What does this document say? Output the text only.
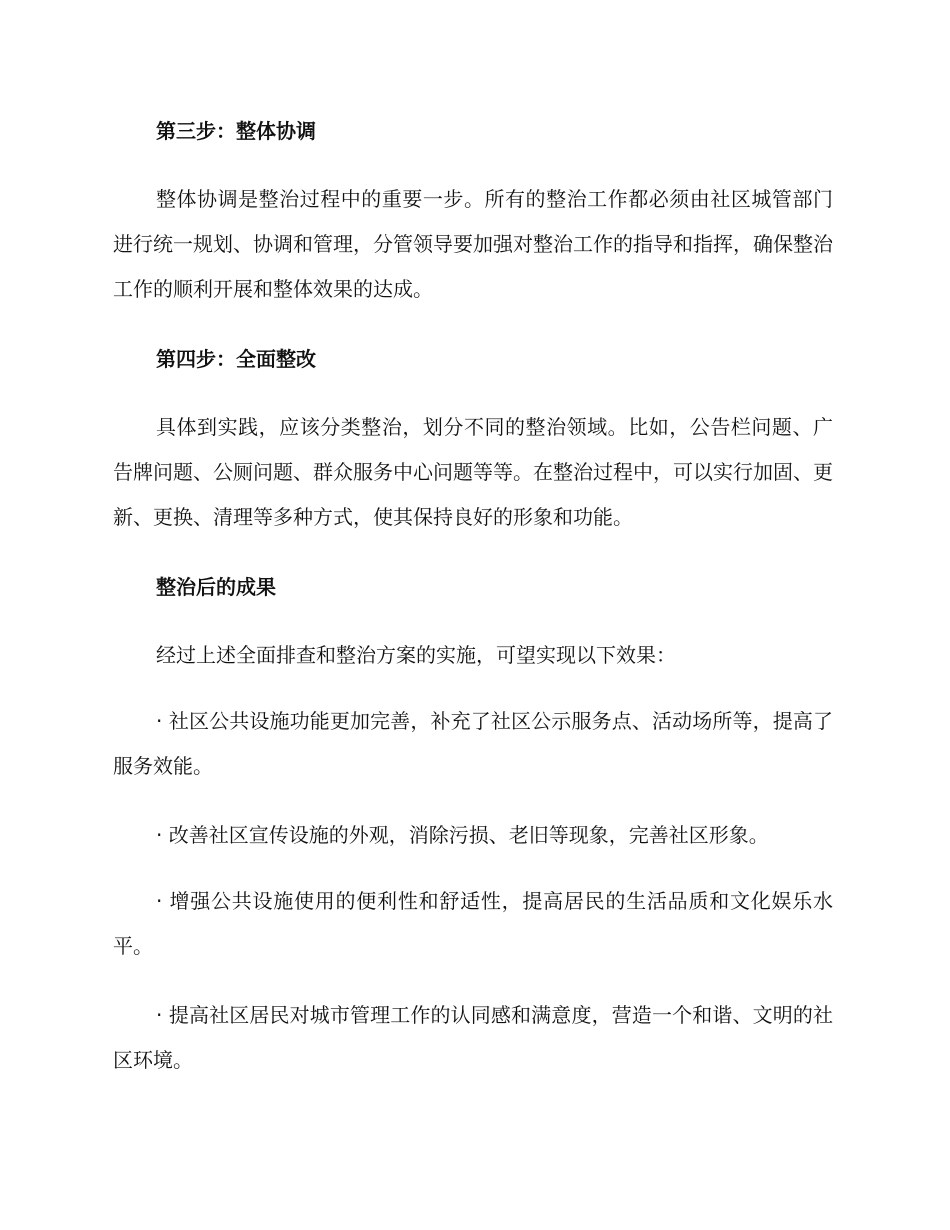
第三步：整体协调

整体协调是整治过程中的重要一步。所有的整治工作都必须由社区城管部门进行统一规划、协调和管理，分管领导要加强对整治工作的指导和指挥，确保整治工作的顺利开展和整体效果的达成。

第四步：全面整改

具体到实践，应该分类整治，划分不同的整治领域。比如，公告栏问题、广告牌问题、公厕问题、群众服务中心问题等等。在整治过程中，可以实行加固、更新、更换、清理等多种方式，使其保持良好的形象和功能。

整治后的成果

经过上述全面排查和整治方案的实施，可望实现以下效果：

· 社区公共设施功能更加完善，补充了社区公示服务点、活动场所等，提高了服务效能。

· 改善社区宣传设施的外观，消除污损、老旧等现象，完善社区形象。

· 增强公共设施使用的便利性和舒适性，提高居民的生活品质和文化娱乐水平。

· 提高社区居民对城市管理工作的认同感和满意度，营造一个和谐、文明的社区环境。
